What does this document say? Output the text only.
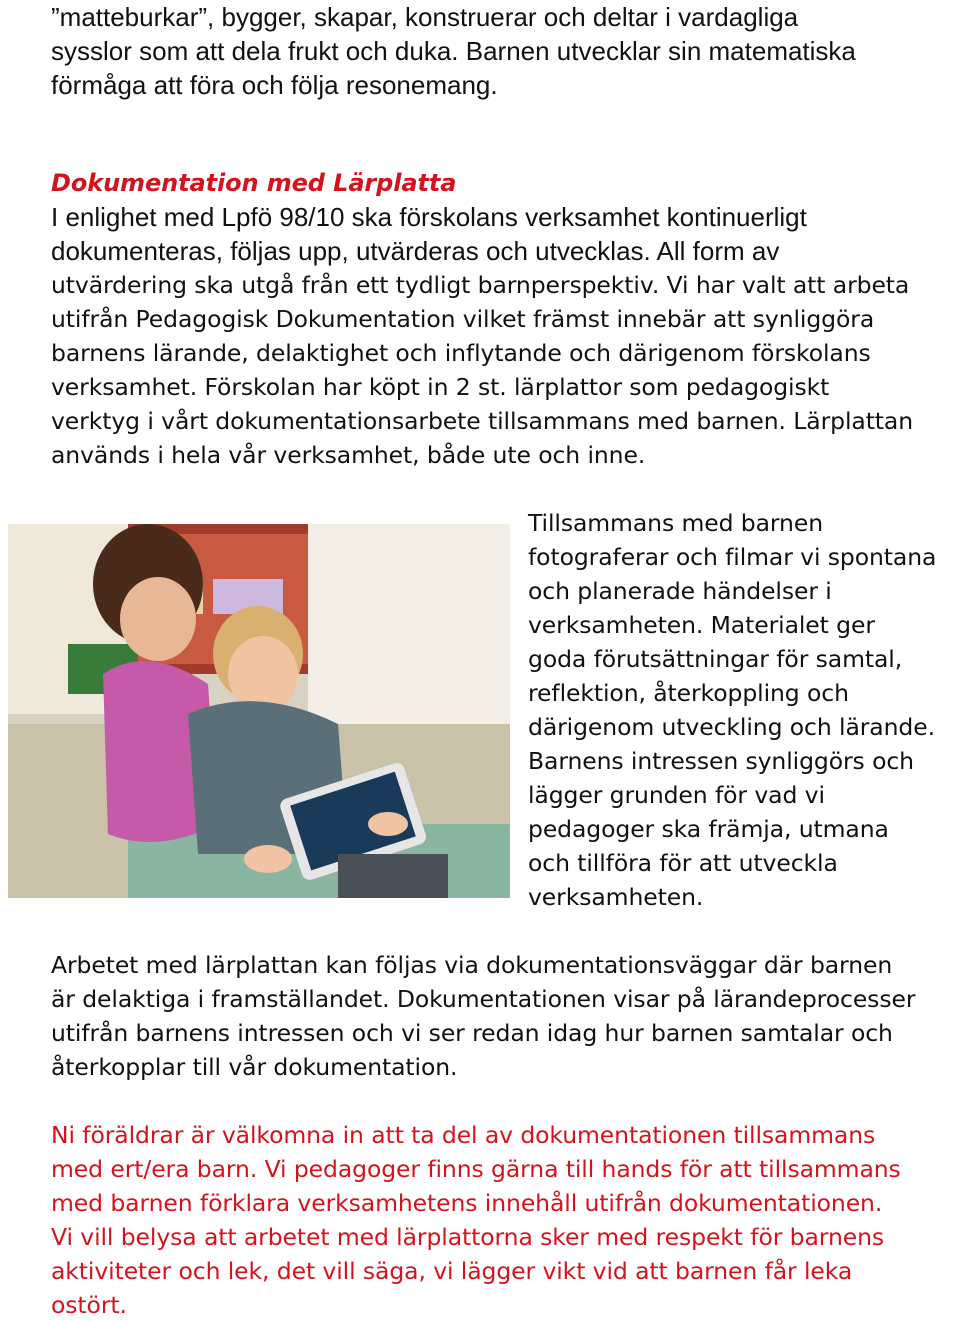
”matteburkar”, bygger, skapar, konstruerar och deltar i vardagliga
sysslor som att dela frukt och duka. Barnen utvecklar sin matematiska
förmåga att föra och följa resonemang.
Dokumentation med Lärplatta
I enlighet med Lpfö 98/10 ska förskolans verksamhet kontinuerligt
dokumenteras, följas upp, utvärderas och utvecklas. All form av
utvärdering ska utgå från ett tydligt barnperspektiv. Vi har valt att arbeta
utifrån Pedagogisk Dokumentation vilket främst innebär att synliggöra
barnens lärande, delaktighet och inflytande och därigenom förskolans
verksamhet. Förskolan har köpt in 2 st. lärplattor som pedagogiskt
verktyg i vårt dokumentationsarbete tillsammans med barnen. Lärplattan
används i hela vår verksamhet, både ute och inne.
Tillsammans med barnen
fotograferar och filmar vi spontana
och planerade händelser i
verksamheten. Materialet ger
goda förutsättningar för samtal,
reflektion, återkoppling och
därigenom utveckling och lärande.
Barnens intressen synliggörs och
lägger grunden för vad vi
pedagoger ska främja, utmana
och tillföra för att utveckla
verksamheten.
Arbetet med lärplattan kan följas via dokumentationsväggar där barnen
är delaktiga i framställandet. Dokumentationen visar på lärandeprocesser
utifrån barnens intressen och vi ser redan idag hur barnen samtalar och
återkopplar till vår dokumentation.
Ni föräldrar är välkomna in att ta del av dokumentationen tillsammans
med ert/era barn. Vi pedagoger finns gärna till hands för att tillsammans
med barnen förklara verksamhetens innehåll utifrån dokumentationen.
Vi vill belysa att arbetet med lärplattorna sker med respekt för barnens
aktiviteter och lek, det vill säga, vi lägger vikt vid att barnen får leka
ostört.
